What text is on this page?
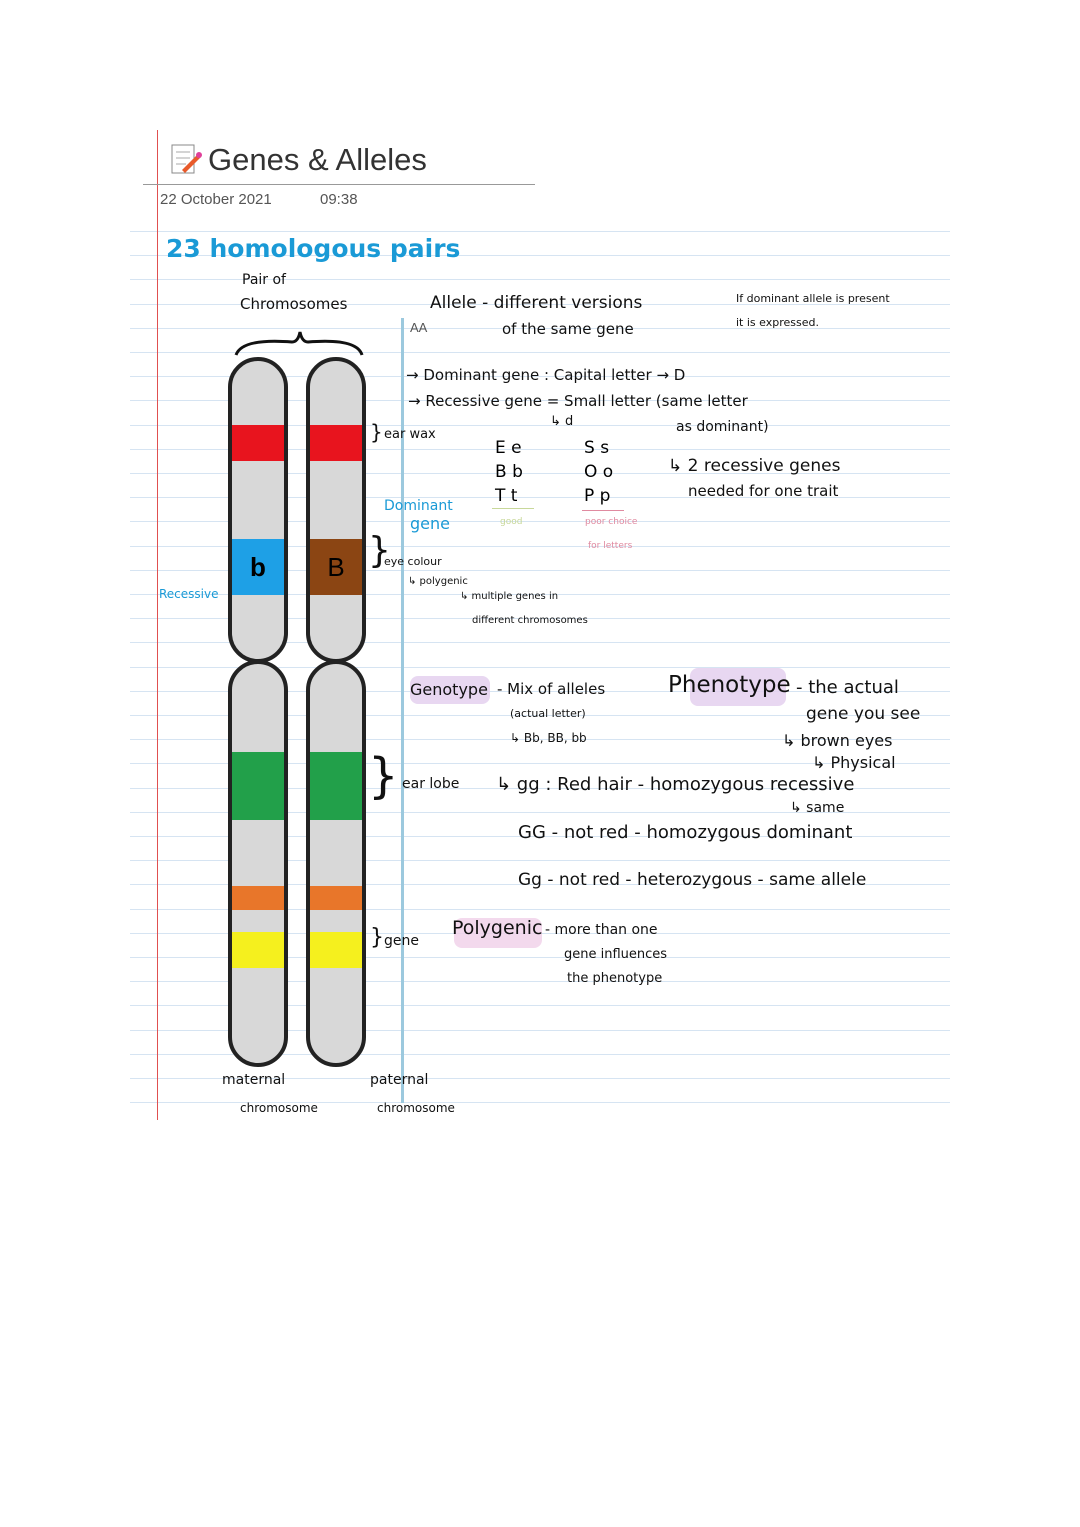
Genes & Alleles
22 October 2021	09:38
23 homologous pairs
Pair of
Chromosomes
b	B
} ear wax
Dominant
gene
Recessive
}
eye colour
↳ polygenic
↳ multiple genes in
different chromosomes
} ear lobe
} gene
maternal
chromosome
paternal
chromosome
AA
Allele - different versions
of the same gene
If dominant allele is present
it is expressed.
→ Dominant gene : Capital letter → D
→ Recessive gene = Small letter (same letter
↳ d	as dominant)
E e
B b
T t
S s
O o
P p
good	poor choice
for letters
↳ 2 recessive genes
needed for one trait
Genotype - Mix of alleles
(actual letter)
↳ Bb, BB, bb
Phenotype - the actual
gene you see
↳ brown eyes
↳ Physical
↳ gg : Red hair - homozygous recessive
↳ same
GG - not red - homozygous dominant
Gg - not red - heterozygous - same allele
Polygenic - more than one
gene influences
the phenotype
